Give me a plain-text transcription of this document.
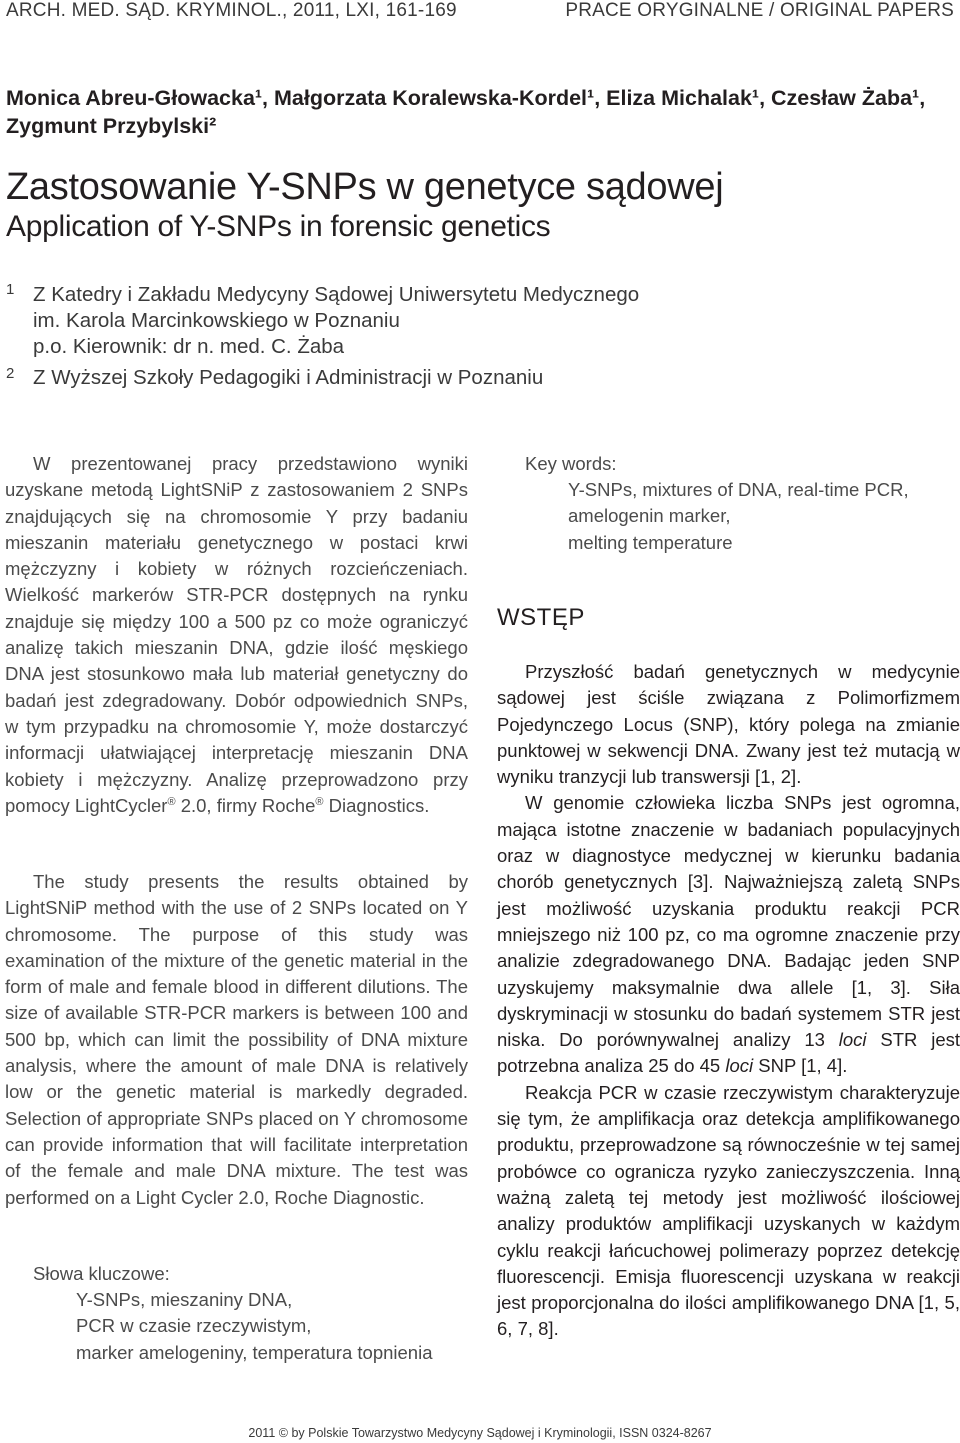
ARCH. MED. SĄD. KRYMINOL., 2011, LXI, 161-169	PRACE ORYGINALNE / ORIGINAL PAPERS
Monica Abreu-Głowacka¹, Małgorzata Koralewska-Kordel¹, Eliza Michalak¹, Czesław Żaba¹,
Zygmunt Przybylski²
Zastosowanie Y-SNPs w genetyce sądowej
Application of Y-SNPs in forensic genetics
1 Z Katedry i Zakładu Medycyny Sądowej Uniwersytetu Medycznego
im. Karola Marcinkowskiego w Poznaniu
p.o. Kierownik: dr n. med. C. Żaba
2 Z Wyższej Szkoły Pedagogiki i Administracji w Poznaniu

W prezentowanej pracy przedstawiono wyniki uzyskane metodą LightSNiP z zastosowaniem 2 SNPs znajdujących się na chromosomie Y przy badaniu mieszanin materiału genetycznego w postaci krwi mężczyzny i kobiety w różnych rozcieńczeniach. Wielkość markerów STR-PCR dostępnych na rynku znajduje się między 100 a 500 pz co może ograniczyć analizę takich mieszanin DNA, gdzie ilość męskiego DNA jest stosunkowo mała lub materiał genetyczny do badań jest zdegradowany. Dobór odpowiednich SNPs, w tym przypadku na chromosomie Y, może dostarczyć informacji ułatwiającej interpretację mieszanin DNA kobiety i mężczyzny. Analizę przeprowadzono przy pomocy LightCycler® 2.0, firmy Roche® Diagnostics.

The study presents the results obtained by LightSNiP method with the use of 2 SNPs located on Y chromosome. The purpose of this study was examination of the mixture of the genetic material in the form of male and female blood in different dilutions. The size of available STR-PCR markers is between 100 and 500 bp, which can limit the possibility of DNA mixture analysis, where the amount of male DNA is relatively low or the genetic material is markedly degraded. Selection of appropriate SNPs placed on Y chromosome can provide information that will facilitate interpretation of the female and male DNA mixture. The test was performed on a Light Cycler 2.0, Roche Diagnostic.

Słowa kluczowe:
Y-SNPs, mieszaniny DNA,
PCR w czasie rzeczywistym,
marker amelogeniny, temperatura topnienia
Key words:
Y-SNPs, mixtures of DNA, real-time PCR,
amelogenin marker,
melting temperature
WSTĘP

Przyszłość badań genetycznych w medycynie sądowej jest ściśle związana z Polimorfizmem Pojedynczego Locus (SNP), który polega na zmianie punktowej w sekwencji DNA. Zwany jest też mutacją w wyniku tranzycji lub transwersji [1, 2].

W genomie człowieka liczba SNPs jest ogromna, mająca istotne znaczenie w badaniach populacyjnych oraz w diagnostyce medycznej w kierunku badania chorób genetycznych [3]. Najważniejszą zaletą SNPs jest możliwość uzyskania produktu reakcji PCR mniejszego niż 100 pz, co ma ogromne znaczenie przy analizie zdegradowanego DNA. Badając jeden SNP uzyskujemy maksymalnie dwa allele [1, 3]. Siła dyskryminacji w stosunku do badań systemem STR jest niska. Do porównywalnej analizy 13 loci STR jest potrzebna analiza 25 do 45 loci SNP [1, 4].

Reakcja PCR w czasie rzeczywistym charakteryzuje się tym, że amplifikacja oraz detekcja amplifikowanego produktu, przeprowadzone są równocześnie w tej samej probówce co ogranicza ryzyko zanieczyszczenia. Inną ważną zaletą tej metody jest możliwość ilościowej analizy produktów amplifikacji uzyskanych w każdym cyklu reakcji łańcuchowej polimerazy poprzez detekcję fluorescencji. Emisja fluorescencji uzyskana w reakcji jest proporcjonalna do ilości amplifikowanego DNA [1, 5, 6, 7, 8].

2011 © by Polskie Towarzystwo Medycyny Sądowej i Kryminologii, ISSN 0324-8267
